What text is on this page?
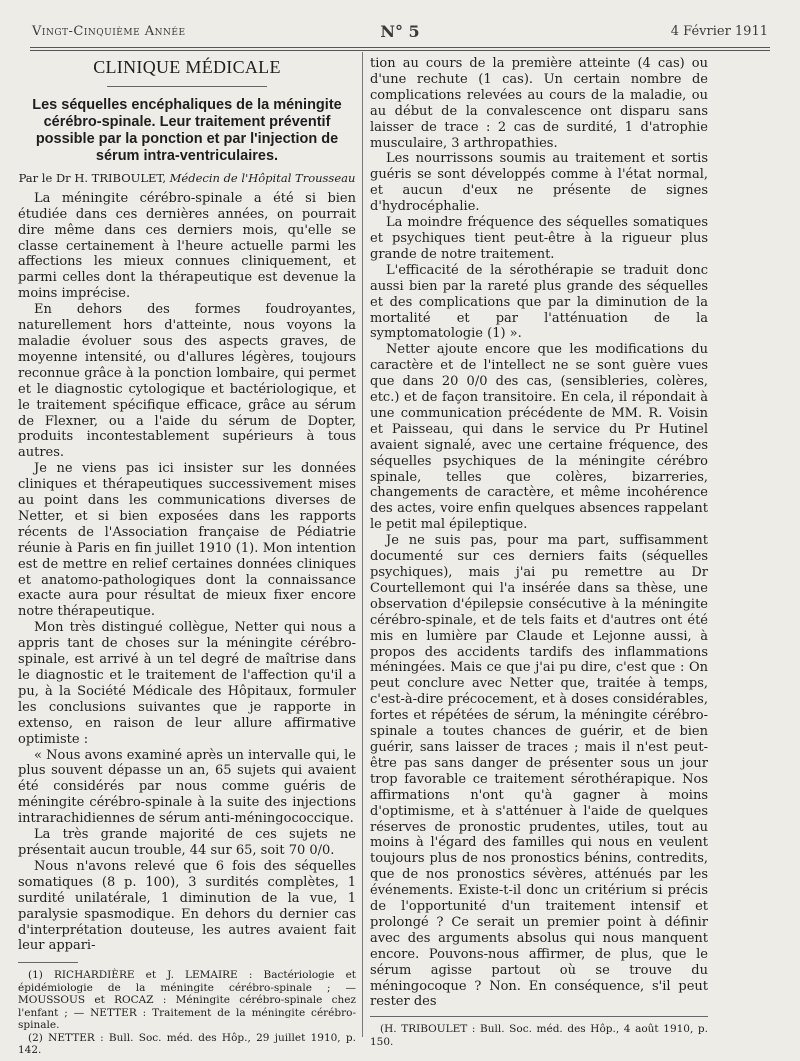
Vingt-Cinquième Année	N° 5	4 Février 1911
CLINIQUE MÉDICALE
Les séquelles encéphaliques de la méningite cérébro-spinale. Leur traitement préventif possible par la ponction et par l'injection de sérum intra-ventriculaires.
Par le Dr H. TRIBOULET, Médecin de l'Hôpital Trousseau

La méningite cérébro-spinale a été si bien étudiée dans ces dernières années, on pourrait dire même dans ces derniers mois, qu'elle se classe certainement à l'heure actuelle parmi les affections les mieux connues cliniquement, et parmi celles dont la thérapeutique est devenue la moins imprécise.

En dehors des formes foudroyantes, naturellement hors d'atteinte, nous voyons la maladie évoluer sous des aspects graves, de moyenne intensité, ou d'allures légères, toujours reconnue grâce à la ponction lombaire, qui permet et le diagnostic cytologique et bactériologique, et le traitement spécifique efficace, grâce au sérum de Flexner, ou a l'aide du sérum de Dopter, produits incontestablement supérieurs à tous autres.

Je ne viens pas ici insister sur les données cliniques et thérapeutiques successivement mises au point dans les communications diverses de Netter, et si bien exposées dans les rapports récents de l'Association française de Pédiatrie réunie à Paris en fin juillet 1910 (1). Mon intention est de mettre en relief certaines données cliniques et anatomo-pathologiques dont la connaissance exacte aura pour résultat de mieux fixer encore notre thérapeutique.

Mon très distingué collègue, Netter qui nous a appris tant de choses sur la méningite cérébro-spinale, est arrivé à un tel degré de maîtrise dans le diagnostic et le traitement de l'affection qu'il a pu, à la Société Médicale des Hôpitaux, formuler les conclusions suivantes que je rapporte in extenso, en raison de leur allure affirmative optimiste :

« Nous avons examiné après un intervalle qui, le plus souvent dépasse un an, 65 sujets qui avaient été considérés par nous comme guéris de méningite cérébro-spinale à la suite des injections intrarachidiennes de sérum anti-méningococcique.

La très grande majorité de ces sujets ne présentait aucun trouble, 44 sur 65, soit 70 0/0.

Nous n'avons relevé que 6 fois des séquelles somatiques (8 p. 100), 3 surdités complètes, 1 surdité unilatérale, 1 diminution de la vue, 1 paralysie spasmodique. En dehors du dernier cas d'interprétation douteuse, les autres avaient fait leur appari-

(1) RICHARDIÈRE et J. LEMAIRE : Bactériologie et épidémiologie de la méningite cérébro-spinale ; — MOUSSOUS et ROCAZ : Méningite cérébro-spinale chez l'enfant ; — NETTER : Traitement de la méningite cérébro-spinale.

(2) NETTER : Bull. Soc. méd. des Hôp., 29 juillet 1910, p. 142.

tion au cours de la première atteinte (4 cas) ou d'une rechute (1 cas). Un certain nombre de complications relevées au cours de la maladie, ou au début de la convalescence ont disparu sans laisser de trace : 2 cas de surdité, 1 d'atrophie musculaire, 3 arthropathies.

Les nourrissons soumis au traitement et sortis guéris se sont développés comme à l'état normal, et aucun d'eux ne présente de signes d'hydrocéphalie.

La moindre fréquence des séquelles somatiques et psychiques tient peut-être à la rigueur plus grande de notre traitement.

L'efficacité de la sérothérapie se traduit donc aussi bien par la rareté plus grande des séquelles et des complications que par la diminution de la mortalité et par l'atténuation de la symptomatologie (1) ».

Netter ajoute encore que les modifications du caractère et de l'intellect ne se sont guère vues que dans 20 0/0 des cas, (sensibleries, colères, etc.) et de façon transitoire. En cela, il répondait à une communication précédente de MM. R. Voisin et Paisseau, qui dans le service du Pr Hutinel avaient signalé, avec une certaine fréquence, des séquelles psychiques de la méningite cérébro spinale, telles que colères, bizarreries, changements de caractère, et même incohérence des actes, voire enfin quelques absences rappelant le petit mal épileptique.

Je ne suis pas, pour ma part, suffisamment documenté sur ces derniers faits (séquelles psychiques), mais j'ai pu remettre au Dr Courtellemont qui l'a insérée dans sa thèse, une observation d'épilepsie consécutive à la méningite cérébro-spinale, et de tels faits et d'autres ont été mis en lumière par Claude et Lejonne aussi, à propos des accidents tardifs des inflammations méningées. Mais ce que j'ai pu dire, c'est que : On peut conclure avec Netter que, traitée à temps, c'est-à-dire précocement, et à doses considérables, fortes et répétées de sérum, la méningite cérébro-spinale a toutes chances de guérir, et de bien guérir, sans laisser de traces ; mais il n'est peut-être pas sans danger de présenter sous un jour trop favorable ce traitement sérothérapique. Nos affirmations n'ont qu'à gagner à moins d'optimisme, et à s'atténuer à l'aide de quelques réserves de pronostic prudentes, utiles, tout au moins à l'égard des familles qui nous en veulent toujours plus de nos pronostics bénins, contredits, que de nos pronostics sévères, atténués par les événements. Existe-t-il donc un critérium si précis de l'opportunité d'un traitement intensif et prolongé ? Ce serait un premier point à définir avec des arguments absolus qui nous manquent encore. Pouvons-nous affirmer, de plus, que le sérum agisse partout où se trouve du méningocoque ? Non. En conséquence, s'il peut rester des

(H. TRIBOULET : Bull. Soc. méd. des Hôp., 4 août 1910, p. 150.
